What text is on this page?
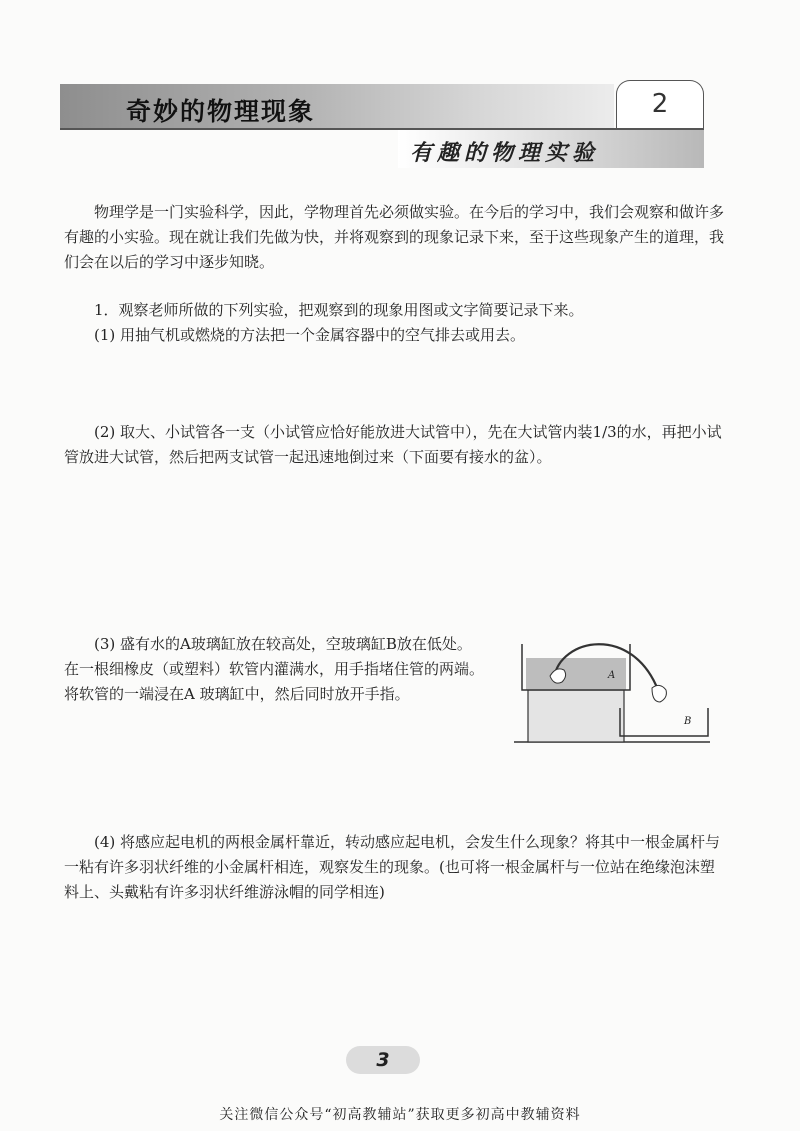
奇妙的物理现象	2
有趣的物理实验

物理学是一门实验科学，因此，学物理首先必须做实验。在今后的学习中，我们会观察和做许多有趣的小实验。现在就让我们先做为快，并将观察到的现象记录下来，至于这些现象产生的道理，我们会在以后的学习中逐步知晓。

1．观察老师所做的下列实验，把观察到的现象用图或文字简要记录下来。

(1) 用抽气机或燃烧的方法把一个金属容器中的空气排去或用去。

(2) 取大、小试管各一支（小试管应恰好能放进大试管中），先在大试管内装1/3的水，再把小试管放进大试管，然后把两支试管一起迅速地倒过来（下面要有接水的盆）。

(3) 盛有水的A玻璃缸放在较高处，空玻璃缸B放在低处。在一根细橡皮（或塑料）软管内灌满水，用手指堵住管的两端。将软管的一端浸在A 玻璃缸中，然后同时放开手指。

A
B

(4) 将感应起电机的两根金属杆靠近，转动感应起电机，会发生什么现象？将其中一根金属杆与一粘有许多羽状纤维的小金属杆相连，观察发生的现象。(也可将一根金属杆与一位站在绝缘泡沫塑料上、头戴粘有许多羽状纤维游泳帽的同学相连)

3
关注微信公众号“初高教辅站”获取更多初高中教辅资料
